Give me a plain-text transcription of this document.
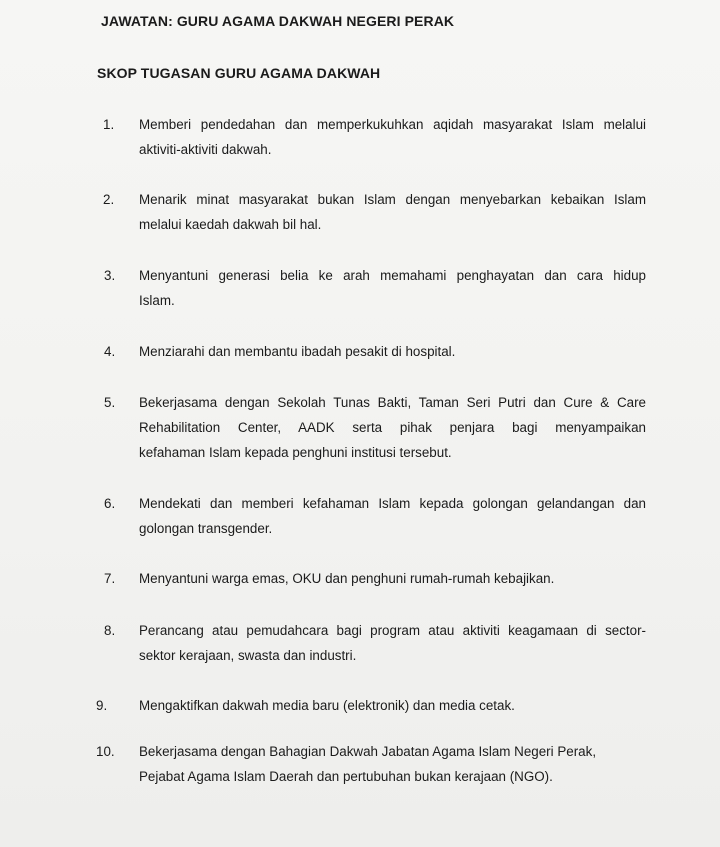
JAWATAN: GURU AGAMA DAKWAH NEGERI PERAK
SKOP TUGASAN GURU AGAMA DAKWAH
1.	Memberi pendedahan dan memperkukuhkan aqidah masyarakat Islam melalui
aktiviti-aktiviti dakwah.
2.	Menarik minat masyarakat bukan Islam dengan menyebarkan kebaikan Islam
melalui kaedah dakwah bil hal.
3.	Menyantuni generasi belia ke arah memahami penghayatan dan cara hidup
Islam.
4.	Menziarahi dan membantu ibadah pesakit di hospital.
5.	Bekerjasama dengan Sekolah Tunas Bakti, Taman Seri Putri dan Cure & Care
Rehabilitation Center, AADK serta pihak penjara bagi menyampaikan
kefahaman Islam kepada penghuni institusi tersebut.
6.	Mendekati dan memberi kefahaman Islam kepada golongan gelandangan dan
golongan transgender.
7.	Menyantuni warga emas, OKU dan penghuni rumah-rumah kebajikan.
8.	Perancang atau pemudahcara bagi program atau aktiviti keagamaan di sector-
sektor kerajaan, swasta dan industri.
9.	Mengaktifkan dakwah media baru (elektronik) dan media cetak.
10.	Bekerjasama dengan Bahagian Dakwah Jabatan Agama Islam Negeri Perak,
Pejabat Agama Islam Daerah dan pertubuhan bukan kerajaan (NGO).
